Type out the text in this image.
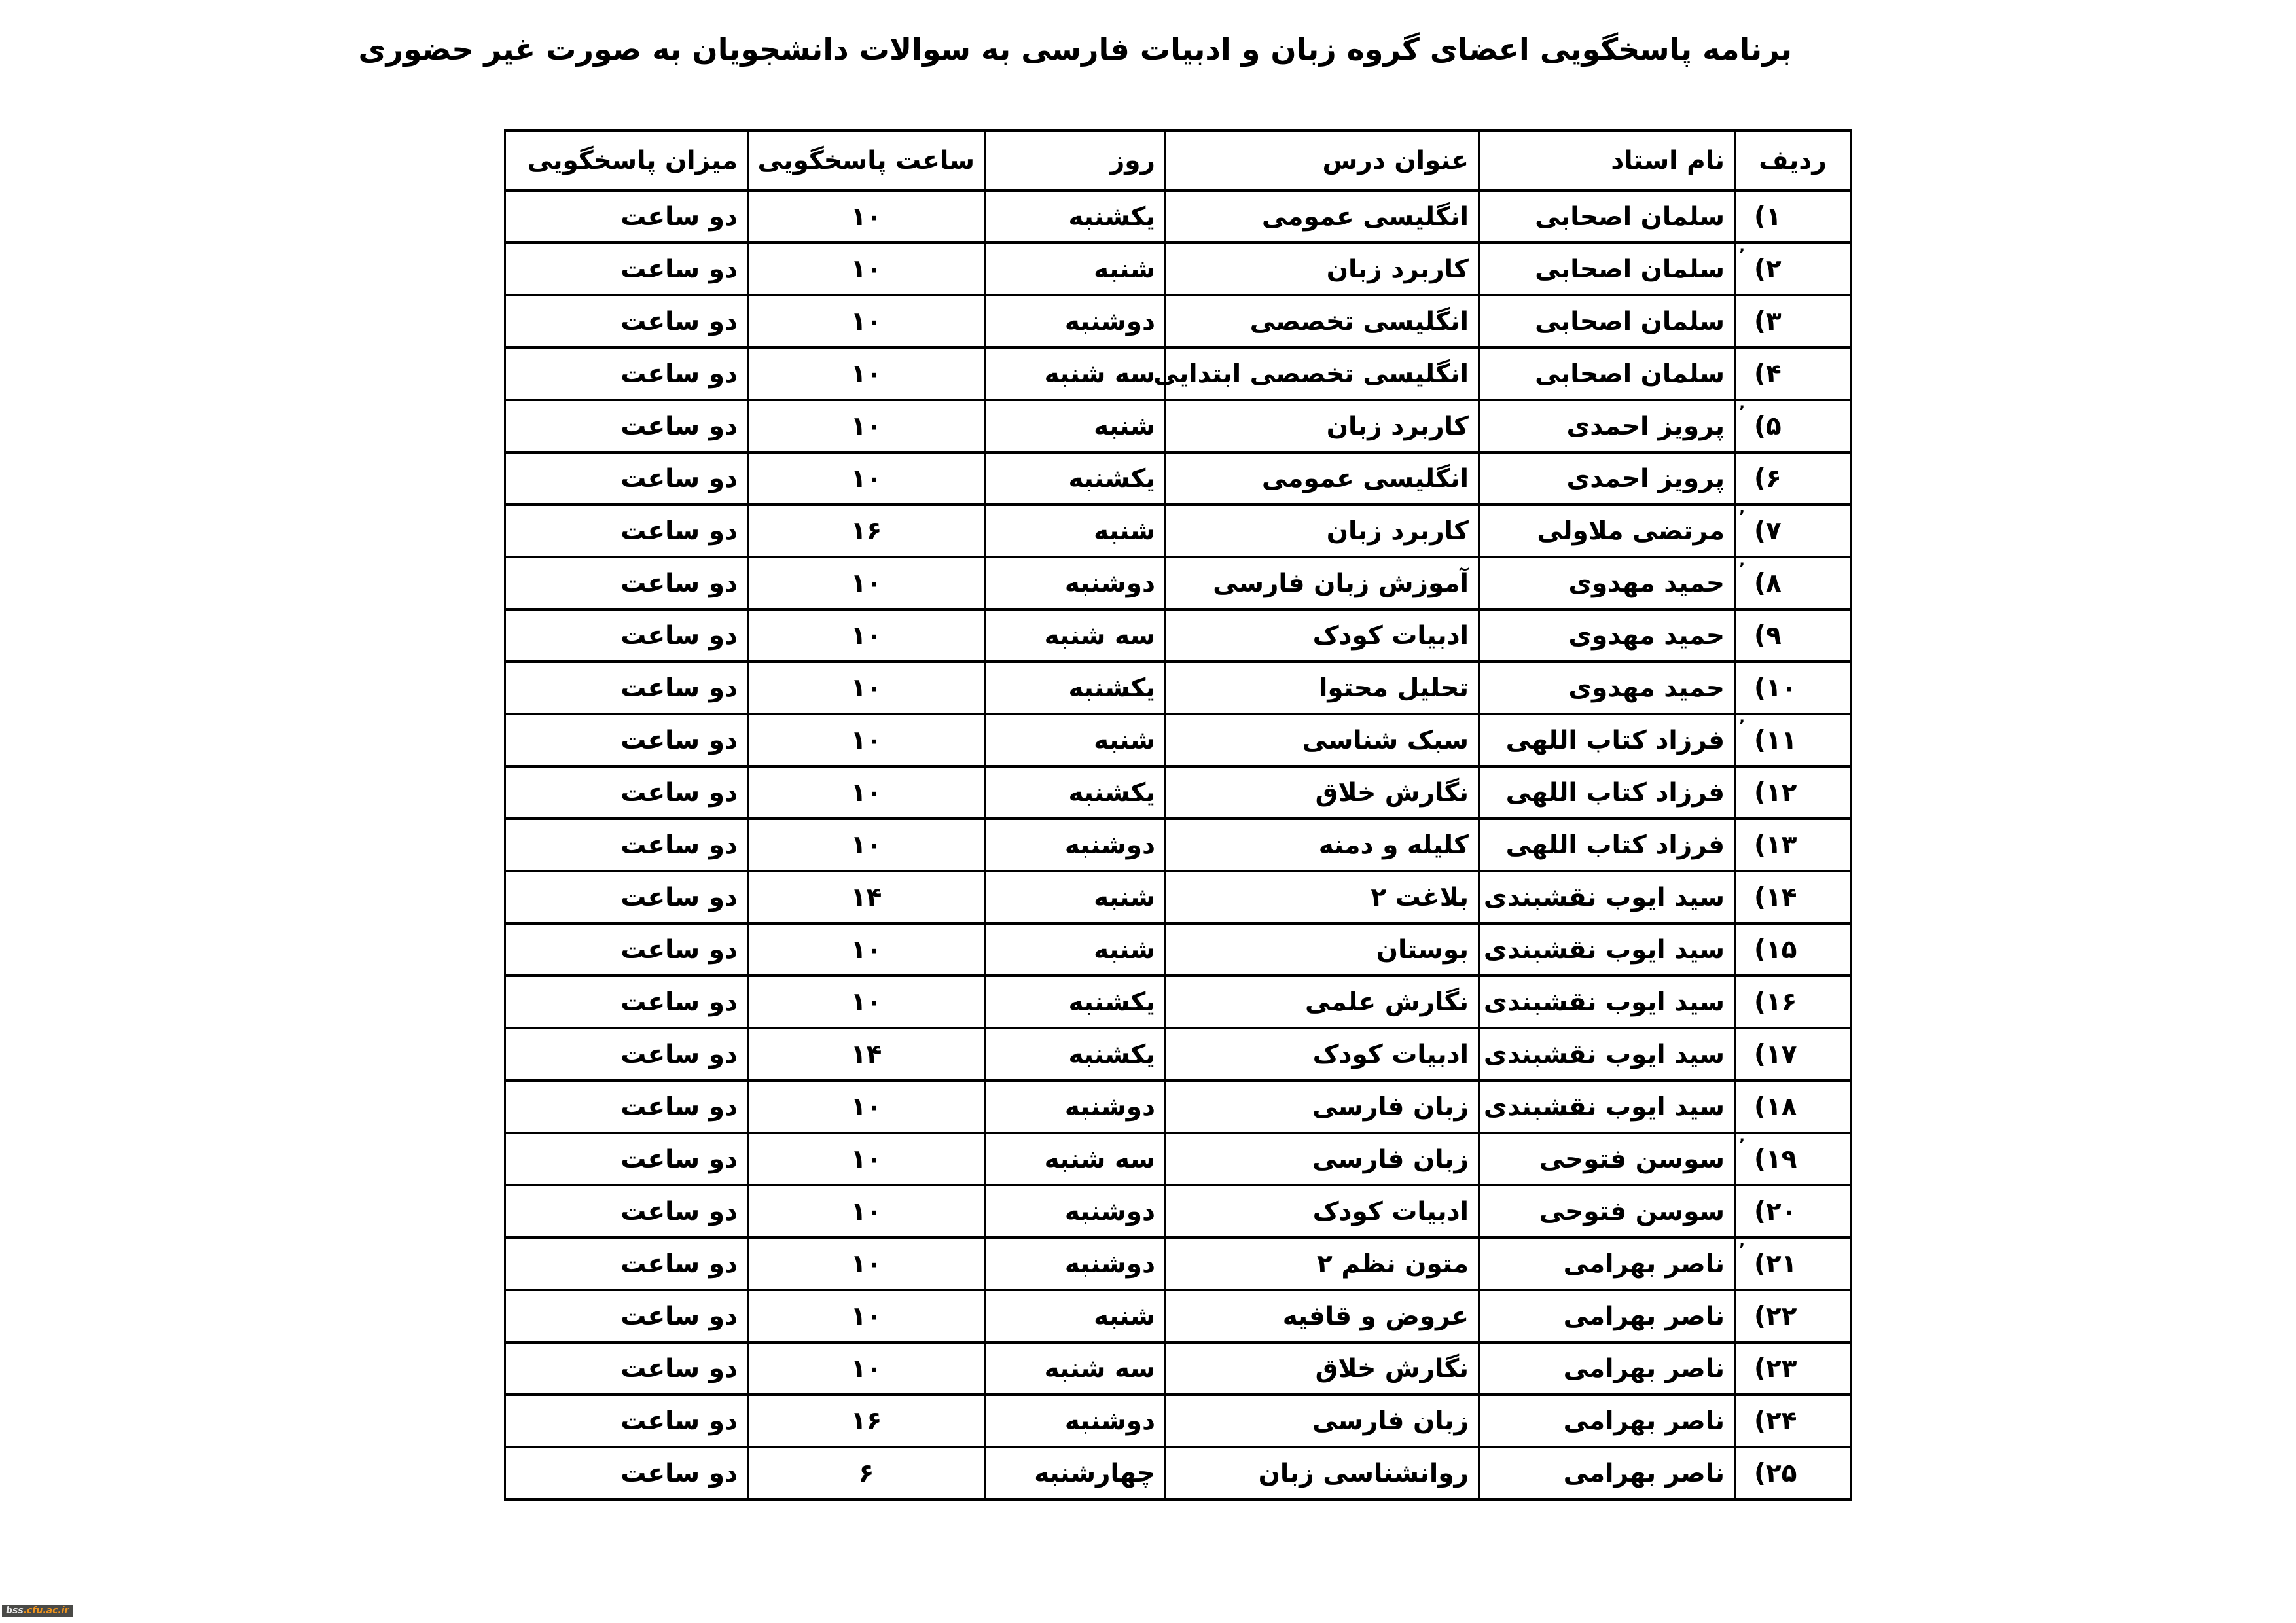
برنامه پاسخگویی اعضای گروه زبان و ادبیات فارسی به سوالات دانشجویان به صورت غیر حضوری
ردیف	نام استاد	عنوان درس	روز	ساعت پاسخگویی	میزان پاسخگویی

۱)	سلمان اصحابی	انگلیسی عمومی	یکشنبه	۱۰	دو ساعت

ʼ ۲)	سلمان اصحابی	کاربرد زبان	شنبه	۱۰	دو ساعت

۳)	سلمان اصحابی	انگلیسی تخصصی	دوشنبه	۱۰	دو ساعت

۴)	سلمان اصحابی	انگلیسی تخصصی ابتدایی	سه شنبه	۱۰	دو ساعت

ʼ ۵)	پرویز احمدی	کاربرد زبان	شنبه	۱۰	دو ساعت

۶)	پرویز احمدی	انگلیسی عمومی	یکشنبه	۱۰	دو ساعت

ʼ ۷)	مرتضی ملاولی	کاربرد زبان	شنبه	۱۶	دو ساعت

ʼ ۸)	حمید مهدوی	آموزش زبان فارسی	دوشنبه	۱۰	دو ساعت

۹)	حمید مهدوی	ادبیات کودک	سه شنبه	۱۰	دو ساعت

۱۰)	حمید مهدوی	تحلیل محتوا	یکشنبه	۱۰	دو ساعت

ʼ ۱۱)	فرزاد کتاب اللهی	سبک شناسی	شنبه	۱۰	دو ساعت

۱۲)	فرزاد کتاب اللهی	نگارش خلاق	یکشنبه	۱۰	دو ساعت

۱۳)	فرزاد کتاب اللهی	کلیله و دمنه	دوشنبه	۱۰	دو ساعت

۱۴)	سید ایوب نقشبندی	بلاغت ۲	شنبه	۱۴	دو ساعت

۱۵)	سید ایوب نقشبندی	بوستان	شنبه	۱۰	دو ساعت

۱۶)	سید ایوب نقشبندی	نگارش علمی	یکشنبه	۱۰	دو ساعت

۱۷)	سید ایوب نقشبندی	ادبیات کودک	یکشنبه	۱۴	دو ساعت

۱۸)	سید ایوب نقشبندی	زبان فارسی	دوشنبه	۱۰	دو ساعت

ʼ ۱۹)	سوسن فتوحی	زبان فارسی	سه شنبه	۱۰	دو ساعت

۲۰)	سوسن فتوحی	ادبیات کودک	دوشنبه	۱۰	دو ساعت

ʼ ۲۱)	ناصر بهرامی	متون نظم ۲	دوشنبه	۱۰	دو ساعت

۲۲)	ناصر بهرامی	عروض و قافیه	شنبه	۱۰	دو ساعت

۲۳)	ناصر بهرامی	نگارش خلاق	سه شنبه	۱۰	دو ساعت

۲۴)	ناصر بهرامی	زبان فارسی	دوشنبه	۱۶	دو ساعت

۲۵)	ناصر بهرامی	روانشناسی زبان	چهارشنبه	۶	دو ساعت
bss.cfu.ac.ir
